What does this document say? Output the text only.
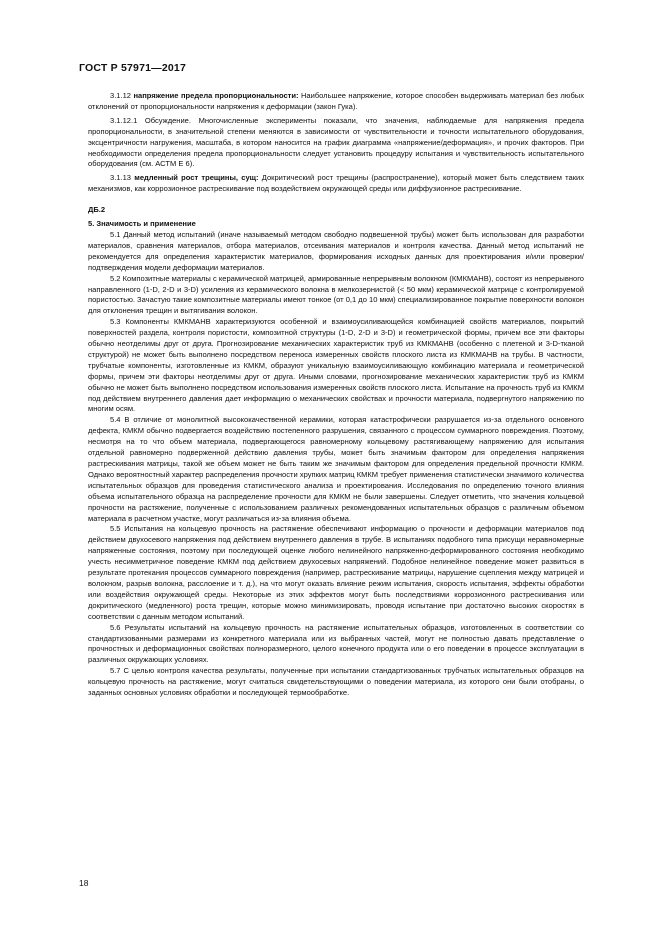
ГОСТ Р 57971—2017

3.1.12 напряжение предела пропорциональности: Наибольшее напряжение, которое способен выдерживать материал без любых отклонений от пропорциональности напряжения к деформации (закон Гука).

3.1.12.1 Обсуждение. Многочисленные эксперименты показали, что значения, наблюдаемые для напряжения предела пропорциональности, в значительной степени меняются в зависимости от чувствительности и точности испытательного оборудования, эксцентричности нагружения, масштаба, в котором наносится на график диаграмма «напряжение/деформация», и прочих факторов. При необходимости определения предела пропорциональности следует установить процедуру испытания и чувствительность испытательного оборудования (см. АСТМ Е 6).

3.1.13 медленный рост трещины, сущ: Докритический рост трещины (распространение), который может быть следствием таких механизмов, как коррозионное растрескивание под воздействием окружающей среды или диффузионное растрескивание.

ДБ.2

5. Значимость и применение

5.1 Данный метод испытаний (иначе называемый методом свободно подвешенной трубы) может быть использован для разработки материалов, сравнения материалов, отбора материалов, отсеивания материалов и контроля качества. Данный метод испытаний не рекомендуется для определения характеристик материалов, формирования исходных данных для проектирования и/или проверки/подтверждения модели деформации материалов.

5.2 Композитные материалы с керамической матрицей, армированные непрерывным волокном (КМКМАНВ), состоят из непрерывного направленного (1-D, 2-D и 3-D) усиления из керамического волокна в мелкозернистой (< 50 мкм) керамической матрице с контролируемой пористостью. Зачастую такие композитные материалы имеют тонкое (от 0,1 до 10 мкм) специализированное покрытие поверхности волокон для отклонения трещин и вытягивания волокон.

5.3 Компоненты КМКМАНВ характеризуются особенной и взаимоусиливающейся комбинацией свойств материалов, покрытий поверхностей раздела, контроля пористости, композитной структуры (1-D, 2-D и 3-D) и геометрической формы, причем все эти факторы обычно неотделимы друг от друга. Прогнозирование механических характеристик труб из КМКМАНВ (особенно с плетеной и 3-D-ткaной структурой) не может быть выполнено посредством переноса измеренных свойств плоского листа из КМКМАНВ на трубы. В частности, трубчатые компоненты, изготовленные из КМКМ, образуют уникальную взаимоусиливающую комбинацию материала и геометрической формы, причем эти факторы неотделимы друг от друга. Иными словами, прогнозирование механических характеристик труб из КМКМ обычно не может быть выполнено посредством использования измеренных свойств плоского листа. Испытание на прочность труб из КМКМ под действием внутреннего давления дает информацию о механических свойствах и прочности материала, подвергнутого напряжению по многим осям.

5.4 В отличие от монолитной высококачественной керамики, которая катастрофически разрушается из-за отдельного основного дефекта, КМКМ обычно подвергается воздействию постепенного разрушения, связанного с процессом суммарного повреждения. Поэтому, несмотря на то что объем материала, подвергающегося равномерному кольцевому растягивающему напряжению для испытания отдельной равномерно подверженной действию давления трубы, может быть значимым фактором для определения напряжения растрескивания матрицы, такой же объем может не быть таким же значимым фактором для определения предельной прочности КМКМ. Однако вероятностный характер распределения прочности хрупких матриц КМКМ требует применения статистически значимого количества испытательных образцов для проведения статистического анализа и проектирования. Исследования по определению точного влияния объема испытательного образца на распределение прочности для КМКМ не были завершены. Следует отметить, что значения кольцевой прочности на растяжение, полученные с использованием различных рекомендованных испытательных образцов с различным объемом материала в расчетном участке, могут различаться из-за влияния объема.

5.5 Испытания на кольцевую прочность на растяжение обеспечивают информацию о прочности и деформации материалов под действием двухосевого напряжения под действием внутреннего давления в трубе. В испытаниях подобного типа присущи неравномерные напряженные состояния, поэтому при последующей оценке любого нелинейного напряженно-деформированного состояния необходимо учесть несимметричное поведение КМКМ под действием двухосевых напряжений. Подобное нелинейное поведение может развиться в результате протекания процессов суммарного повреждения (например, растрескивание матрицы, нарушение сцепления между матрицей и волокном, разрыв волокна, расслоение и т. д.), на что могут оказать влияние режим испытания, скорость испытания, эффекты обработки или воздействия окружающей среды. Некоторые из этих эффектов могут быть последствиями коррозионного растрескивания или докритического (медленного) роста трещин, которые можно минимизировать, проводя испытание при достаточно высоких скоростях в соответствии с данным методом испытаний.

5.6 Результаты испытаний на кольцевую прочность на растяжение испытательных образцов, изготовленных в соответствии со стандартизованными размерами из конкретного материала или из выбранных частей, могут не полностью давать представление о прочностных и деформационных свойствах полноразмерного, целого конечного продукта или о его поведении в процессе эксплуатации в различных окружающих условиях.

5.7 С целью контроля качества результаты, полученные при испытании стандартизованных трубчатых испытательных образцов на кольцевую прочность на растяжение, могут считаться свидетельствующими о поведении материала, из которого они были отобраны, о заданных основных условиях обработки и последующей термообработке.

18
